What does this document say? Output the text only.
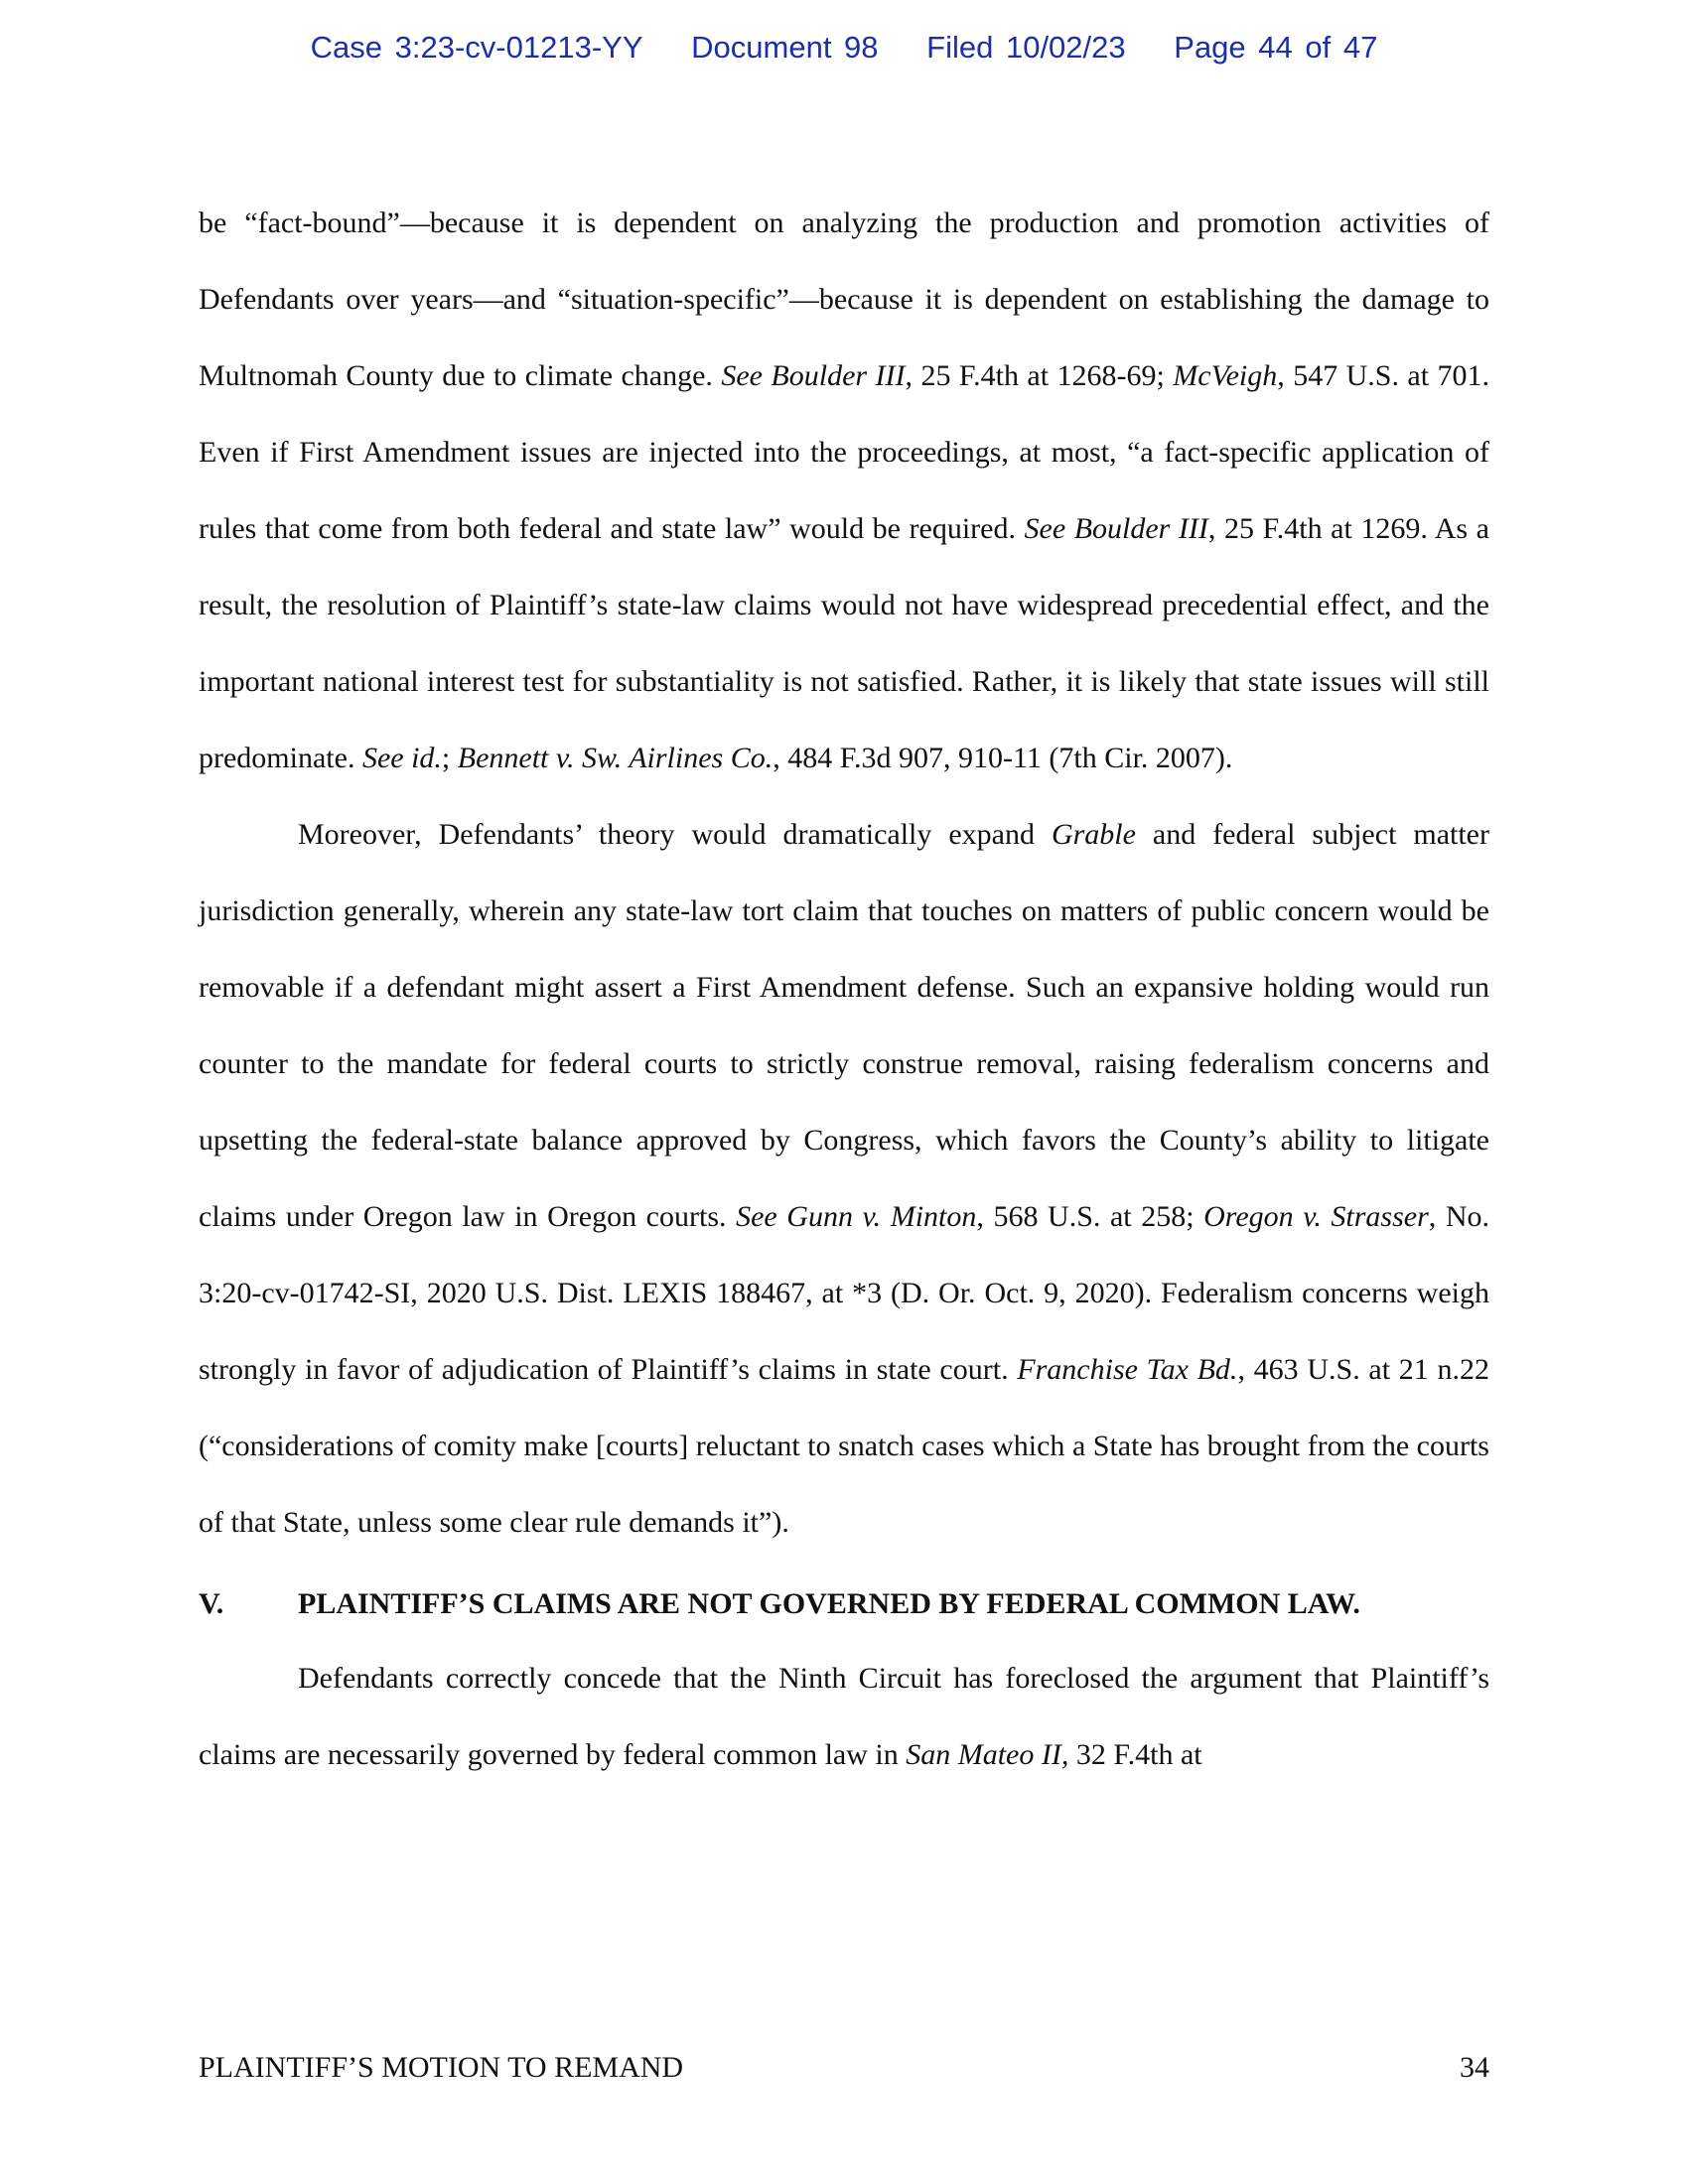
Case 3:23-cv-01213-YY Document 98 Filed 10/02/23 Page 44 of 47

be “fact-bound”—because it is dependent on analyzing the production and promotion activities of Defendants over years—and “situation-specific”—because it is dependent on establishing the damage to Multnomah County due to climate change. See Boulder III, 25 F.4th at 1268-69; McVeigh, 547 U.S. at 701. Even if First Amendment issues are injected into the proceedings, at most, “a fact-specific application of rules that come from both federal and state law” would be required. See Boulder III, 25 F.4th at 1269. As a result, the resolution of Plaintiff’s state-law claims would not have widespread precedential effect, and the important national interest test for substantiality is not satisfied. Rather, it is likely that state issues will still predominate. See id.; Bennett v. Sw. Airlines Co., 484 F.3d 907, 910-11 (7th Cir. 2007).

Moreover, Defendants’ theory would dramatically expand Grable and federal subject matter jurisdiction generally, wherein any state-law tort claim that touches on matters of public concern would be removable if a defendant might assert a First Amendment defense. Such an expansive holding would run counter to the mandate for federal courts to strictly construe removal, raising federalism concerns and upsetting the federal-state balance approved by Congress, which favors the County’s ability to litigate claims under Oregon law in Oregon courts. See Gunn v. Minton, 568 U.S. at 258; Oregon v. Strasser, No. 3:20-cv-01742-SI, 2020 U.S. Dist. LEXIS 188467, at *3 (D. Or. Oct. 9, 2020). Federalism concerns weigh strongly in favor of adjudication of Plaintiff’s claims in state court. Franchise Tax Bd., 463 U.S. at 21 n.22 (“considerations of comity make [courts] reluctant to snatch cases which a State has brought from the courts of that State, unless some clear rule demands it”).

V.	PLAINTIFF’S CLAIMS ARE NOT GOVERNED BY FEDERAL COMMON LAW.

Defendants correctly concede that the Ninth Circuit has foreclosed the argument that Plaintiff’s claims are necessarily governed by federal common law in San Mateo II, 32 F.4th at

PLAINTIFF’S MOTION TO REMAND	34
